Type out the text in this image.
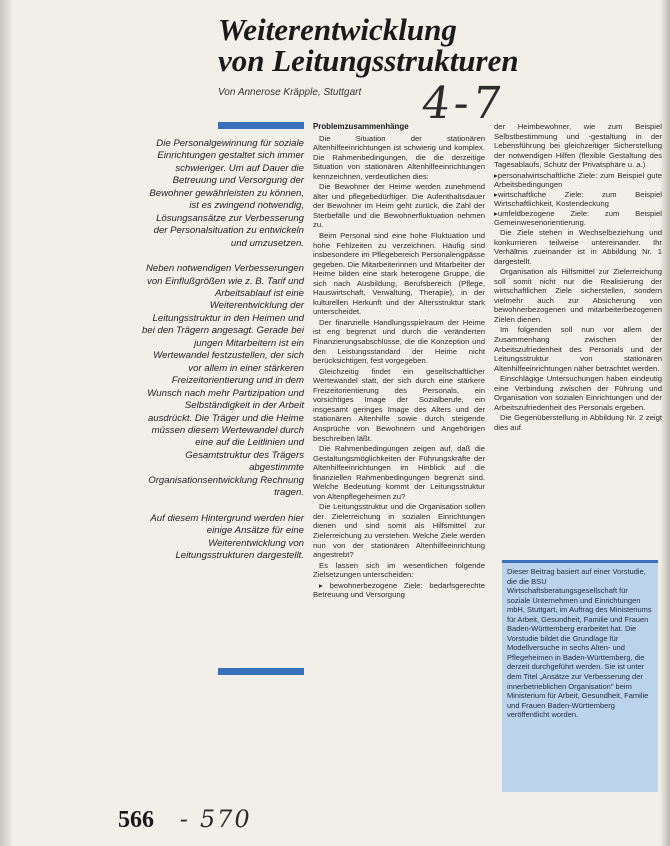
Weiterentwicklung
von Leitungsstrukturen
Von Annerose Kräpple, Stuttgart 4-7

Die Personalgewinnung für soziale Einrichtungen gestaltet sich immer schwieriger. Um auf Dauer die Betreuung und Versorgung der Bewohner gewährleisten zu können, ist es zwingend notwendig, Lösungsansätze zur Verbesserung der Personalsituation zu entwickeln und umzusetzen.

Neben notwendigen Verbesserungen von Einflußgrößen wie z. B. Tarif und Arbeitsablauf ist eine Weiterentwicklung der Leitungsstruktur in den Heimen und bei den Trägern angesagt. Gerade bei jungen Mitarbeitern ist ein Wertewandel festzustellen, der sich vor allem in einer stärkeren Freizeitorientierung und in dem Wunsch nach mehr Partizipation und Selbständigkeit in der Arbeit ausdrückt. Die Träger und die Heime müssen diesem Wertewandel durch eine auf die Leitlinien und Gesamtstruktur des Trägers abgestimmte Organisationsentwicklung Rechnung tragen.

Auf diesem Hintergrund werden hier einige Ansätze für eine Weiterentwicklung von Leitungsstrukturen dargestellt.

Problemzusammenhänge

Die Situation der stationären Altenhilfeeinrichtungen ist schwierig und komplex. Die Rahmenbedingungen, die die derzeitige Situation von stationären Altenhilfeeinrichtungen kennzeichnen, verdeutlichen dies:

Die Bewohner der Heime werden zunehmend älter und pflegebedürftiger. Die Aufenthaltsdauer der Bewohner im Heim geht zurück, die Zahl der Sterbefälle und die Bewohnerfluktuation nehmen zu.

Beim Personal sind eine hohe Fluktuation und hohe Fehlzeiten zu verzeichnen. Häufig sind insbesondere im Pflegebereich Personalengpässe gegeben. Die Mitarbeiterinnen und Mitarbeiter der Heime bilden eine stark heterogene Gruppe, die sich nach Ausbildung, Berufsbereich (Pflege, Hauswirtschaft, Verwaltung, Therapie), in der kulturellen Herkunft und der Altersstruktur stark unterscheidet.

Der finanzielle Handlungsspielraum der Heime ist eng begrenzt und durch die veränderten Finanzierungsabschlüsse, die die Konzeption und den Leistungsstandard der Heime nicht berücksichtigen, fest vorgegeben.

Gleichzeitig findet ein gesellschaftlicher Wertewandel statt, der sich durch eine stärkere Freizeitorientierung des Personals, ein vorsichtiges Image der Sozialberufe, ein insgesamt geringes Image des Alters und der stationären Altenhilfe sowie durch steigende Ansprüche von Bewohnern und Angehörigen beschreiben läßt.

Die Rahmenbedingungen zeigen auf, daß die Gestaltungsmöglichkeiten der Führungskräfte der Altenhilfeeinrichtungen im Hinblick auf die finanziellen Rahmenbedingungen begrenzt sind. Welche Bedeutung kommt der Leitungsstruktur von Altenpflegeheimen zu?

Die Leitungsstruktur und die Organisation sollen der Zielerreichung in sozialen Einrichtungen dienen und sind somit als Hilfsmittel zur Zielerreichung zu verstehen. Welche Ziele werden nun von der stationären Altenhilfeeinrichtung angestrebt?

Es lassen sich im wesentlichen folgende Zielsetzungen unterscheiden:

▸ bewohnerbezogene Ziele: bedarfsgerechte Betreuung und Versorgung

der Heimbewohner, wie zum Beispiel Selbstbestimmung und -gestaltung in der Lebensführung bei gleichzeitiger Sicherstellung der notwendigen Hilfen (flexible Gestaltung des Tagesablaufs, Schutz der Privatsphäre u. a.)

▸ personalwirtschaftliche Ziele: zum Beispiel gute Arbeitsbedingungen
▸ wirtschaftliche Ziele: zum Beispiel Wirtschaftlichkeit, Kostendeckung
▸ umfeldbezogene Ziele: zum Beispiel Gemeinwesenorientierung.

Die Ziele stehen in Wechselbeziehung und konkurrieren teilweise untereinander. Ihr Verhältnis zueinander ist in Abbildung Nr. 1 dargestellt.

Organisation als Hilfsmittel zur Zielerreichung soll somit nicht nur die Realisierung der wirtschaftlichen Ziele sicherstellen, sondern vielmehr auch zur Absicherung von bewohnerbezogenen und mitarbeiterbezogenen Zielen dienen.

Im folgenden soll nun vor allem der Zusammenhang zwischen der Arbeitszufriedenheit des Personals und der Leitungsstruktur von stationären Altenhilfeeinrichtungen näher betrachtet werden.

Einschlägige Untersuchungen haben eindeutig eine Verbindung zwischen der Führung und Organisation von sozialen Einrichtungen und der Arbeitszufriedenheit des Personals ergeben.

Die Gegenüberstellung in Abbildung Nr. 2 zeigt dies auf.

Dieser Beitrag basiert auf einer Vorstudie, die die BSU Wirtschaftsberatungsgesellschaft für soziale Unternehmen und Einrichtungen mbH, Stuttgart, im Auftrag des Ministeriums für Arbeit, Gesundheit, Familie und Frauen Baden-Württemberg erarbeitet hat. Die Vorstudie bildet die Grundlage für Modellversuche in sechs Alten- und Pflegeheimen in Baden-Württemberg, die derzeit durchgeführt werden. Sie ist unter dem Titel „Ansätze zur Verbesserung der innerbetrieblichen Organisation" beim Ministerium für Arbeit, Gesundheit, Familie und Frauen Baden-Württemberg veröffentlicht worden.
566 - 570
